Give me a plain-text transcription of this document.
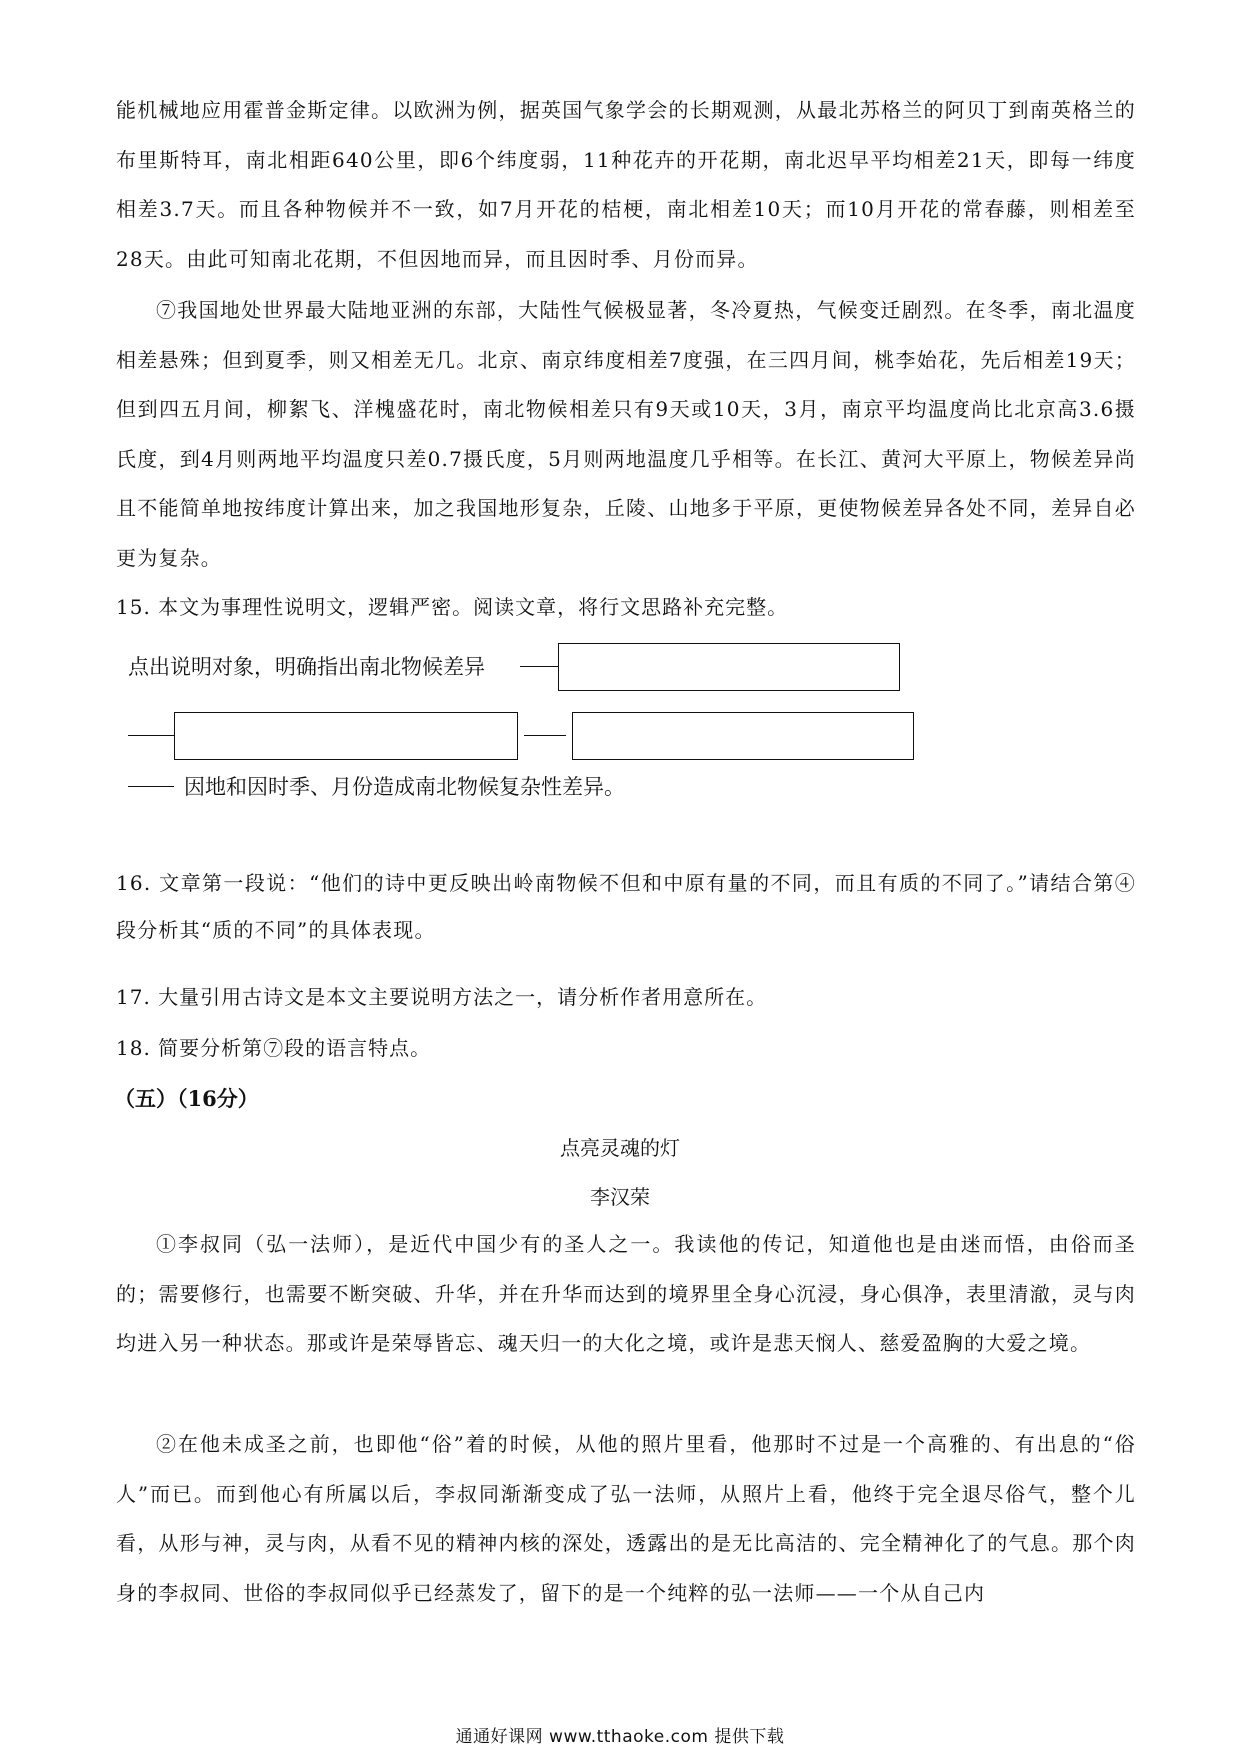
能机械地应用霍普金斯定律。以欧洲为例，据英国气象学会的长期观测，从最北苏格兰的阿贝丁到南英格兰的布里斯特耳，南北相距640公里，即6个纬度弱，11种花卉的开花期，南北迟早平均相差21天，即每一纬度相差3.7天。而且各种物候并不一致，如7月开花的桔梗，南北相差10天；而10月开花的常春藤，则相差至28天。由此可知南北花期，不但因地而异，而且因时季、月份而异。

⑦我国地处世界最大陆地亚洲的东部，大陆性气候极显著，冬冷夏热，气候变迁剧烈。在冬季，南北温度相差悬殊；但到夏季，则又相差无几。北京、南京纬度相差7度强，在三四月间，桃李始花，先后相差19天；但到四五月间，柳絮飞、洋槐盛花时，南北物候相差只有9天或10天，3月，南京平均温度尚比北京高3.6摄氏度，到4月则两地平均温度只差0.7摄氏度，5月则两地温度几乎相等。在长江、黄河大平原上，物候差异尚且不能简单地按纬度计算出来，加之我国地形复杂，丘陵、山地多于平原，更使物候差异各处不同，差异自必更为复杂。

15. 本文为事理性说明文，逻辑严密。阅读文章，将行文思路补充完整。

点出说明对象，明确指出南北物候差异
因地和因时季、月份造成南北物候复杂性差异。

16. 文章第一段说：“他们的诗中更反映出岭南物候不但和中原有量的不同，而且有质的不同了。”请结合第④段分析其“质的不同”的具体表现。

17. 大量引用古诗文是本文主要说明方法之一，请分析作者用意所在。

18. 简要分析第⑦段的语言特点。

（五）（16分）
点亮灵魂的灯
李汉荣

①李叔同（弘一法师），是近代中国少有的圣人之一。我读他的传记，知道他也是由迷而悟，由俗而圣的；需要修行，也需要不断突破、升华，并在升华而达到的境界里全身心沉浸，身心俱净，表里清澈，灵与肉均进入另一种状态。那或许是荣辱皆忘、魂天归一的大化之境，或许是悲天悯人、慈爱盈胸的大爱之境。

②在他未成圣之前，也即他“俗”着的时候，从他的照片里看，他那时不过是一个高雅的、有出息的“俗人”而已。而到他心有所属以后，李叔同渐渐变成了弘一法师，从照片上看，他终于完全退尽俗气，整个儿看，从形与神，灵与肉，从看不见的精神内核的深处，透露出的是无比高洁的、完全精神化了的气息。那个肉身的李叔同、世俗的李叔同似乎已经蒸发了，留下的是一个纯粹的弘一法师——一个从自己内

通通好课网 www.tthaoke.com 提供下载
